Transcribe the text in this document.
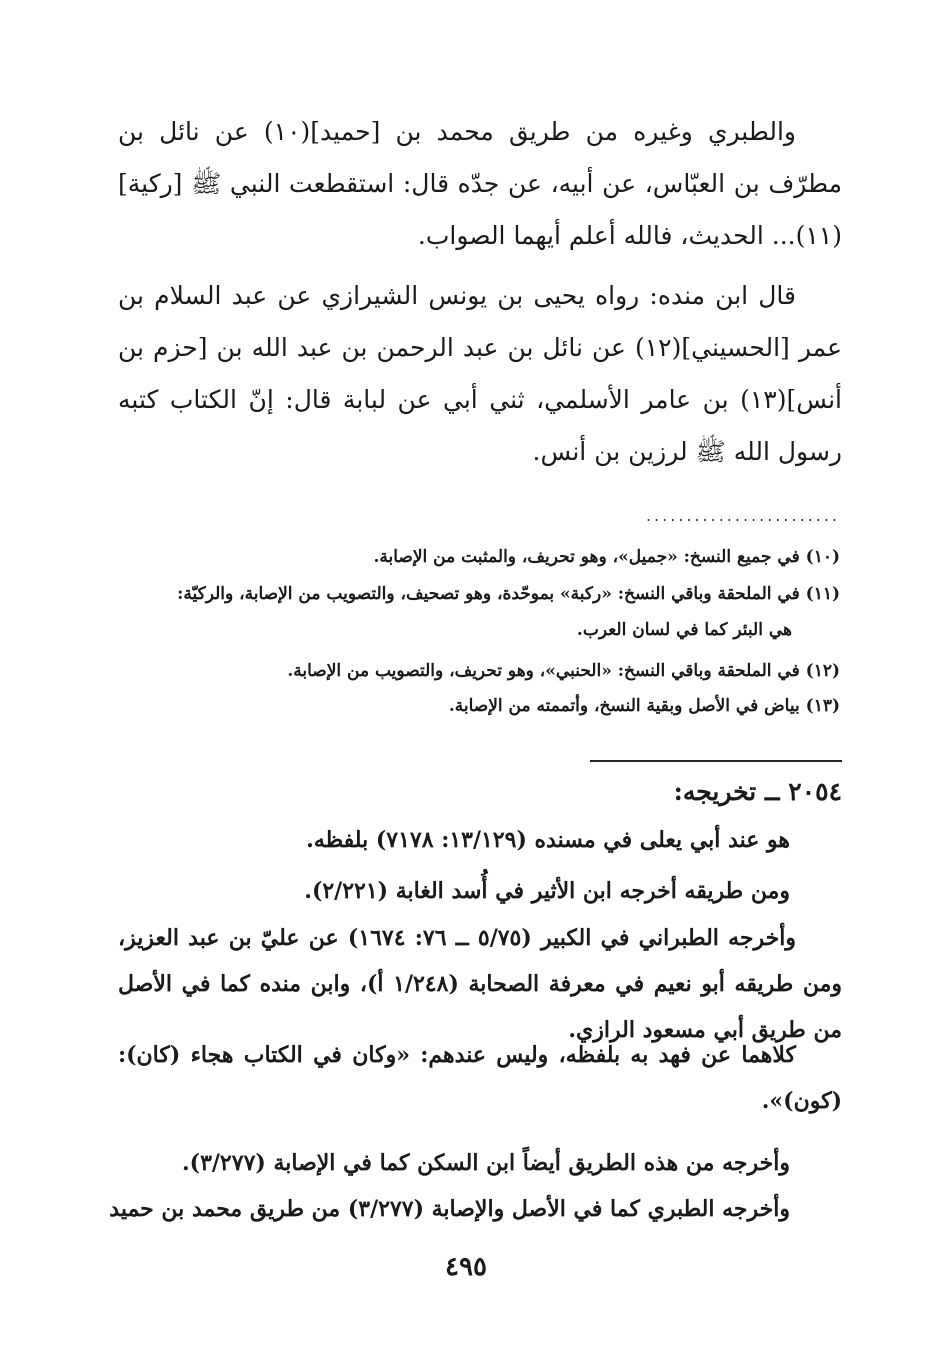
والطبري وغيره من طريق محمد بن [حميد](١٠) عن نائل بن مطرّف بن العبّاس، عن أبيه، عن جدّه قال: استقطعت النبي ﷺ [ركية](١١)... الحديث، فالله أعلم أيهما الصواب.

قال ابن منده: رواه يحيى بن يونس الشيرازي عن عبد السلام بن عمر [الحسيني](١٢) عن نائل بن عبد الرحمن بن عبد الله بن [حزم بن أنس](١٣) بن عامر الأسلمي، ثني أبي عن لبابة قال: إنّ الكتاب كتبه رسول الله ﷺ لرزين بن أنس.

........................
(١٠) في جميع النسخ: «جميل»، وهو تحريف، والمثبت من الإصابة.
(١١) في الملحقة وباقي النسخ: «ركبة» بموحّدة، وهو تصحيف، والتصويب من الإصابة، والركيّة:
هي البئر كما في لسان العرب.
(١٢) في الملحقة وباقي النسخ: «الحنبي»، وهو تحريف، والتصويب من الإصابة.
(١٣) بياض في الأصل وبقية النسخ، وأتممته من الإصابة.
٢٠٥٤ ــ تخريجه:
هو عند أبي يعلى في مسنده (١٣/١٢٩: ٧١٧٨) بلفظه.
ومن طريقه أخرجه ابن الأثير في أُسد الغابة (٢/٢٢١).

وأخرجه الطبراني في الكبير (٥/٧٥ ــ ٧٦: ١٦٧٤) عن عليّ بن عبد العزيز، ومن طريقه أبو نعيم في معرفة الصحابة (١/٢٤٨ أ)، وابن منده كما في الأصل من طريق أبي مسعود الرازي.

كلاهما عن فهد به بلفظه، وليس عندهم: «وكان في الكتاب هجاء (كان): (كون)».

وأخرجه من هذه الطريق أيضاً ابن السكن كما في الإصابة (٣/٢٧٧).
وأخرجه الطبري كما في الأصل والإصابة (٣/٢٧٧) من طريق محمد بن حميد
٤٩٥
